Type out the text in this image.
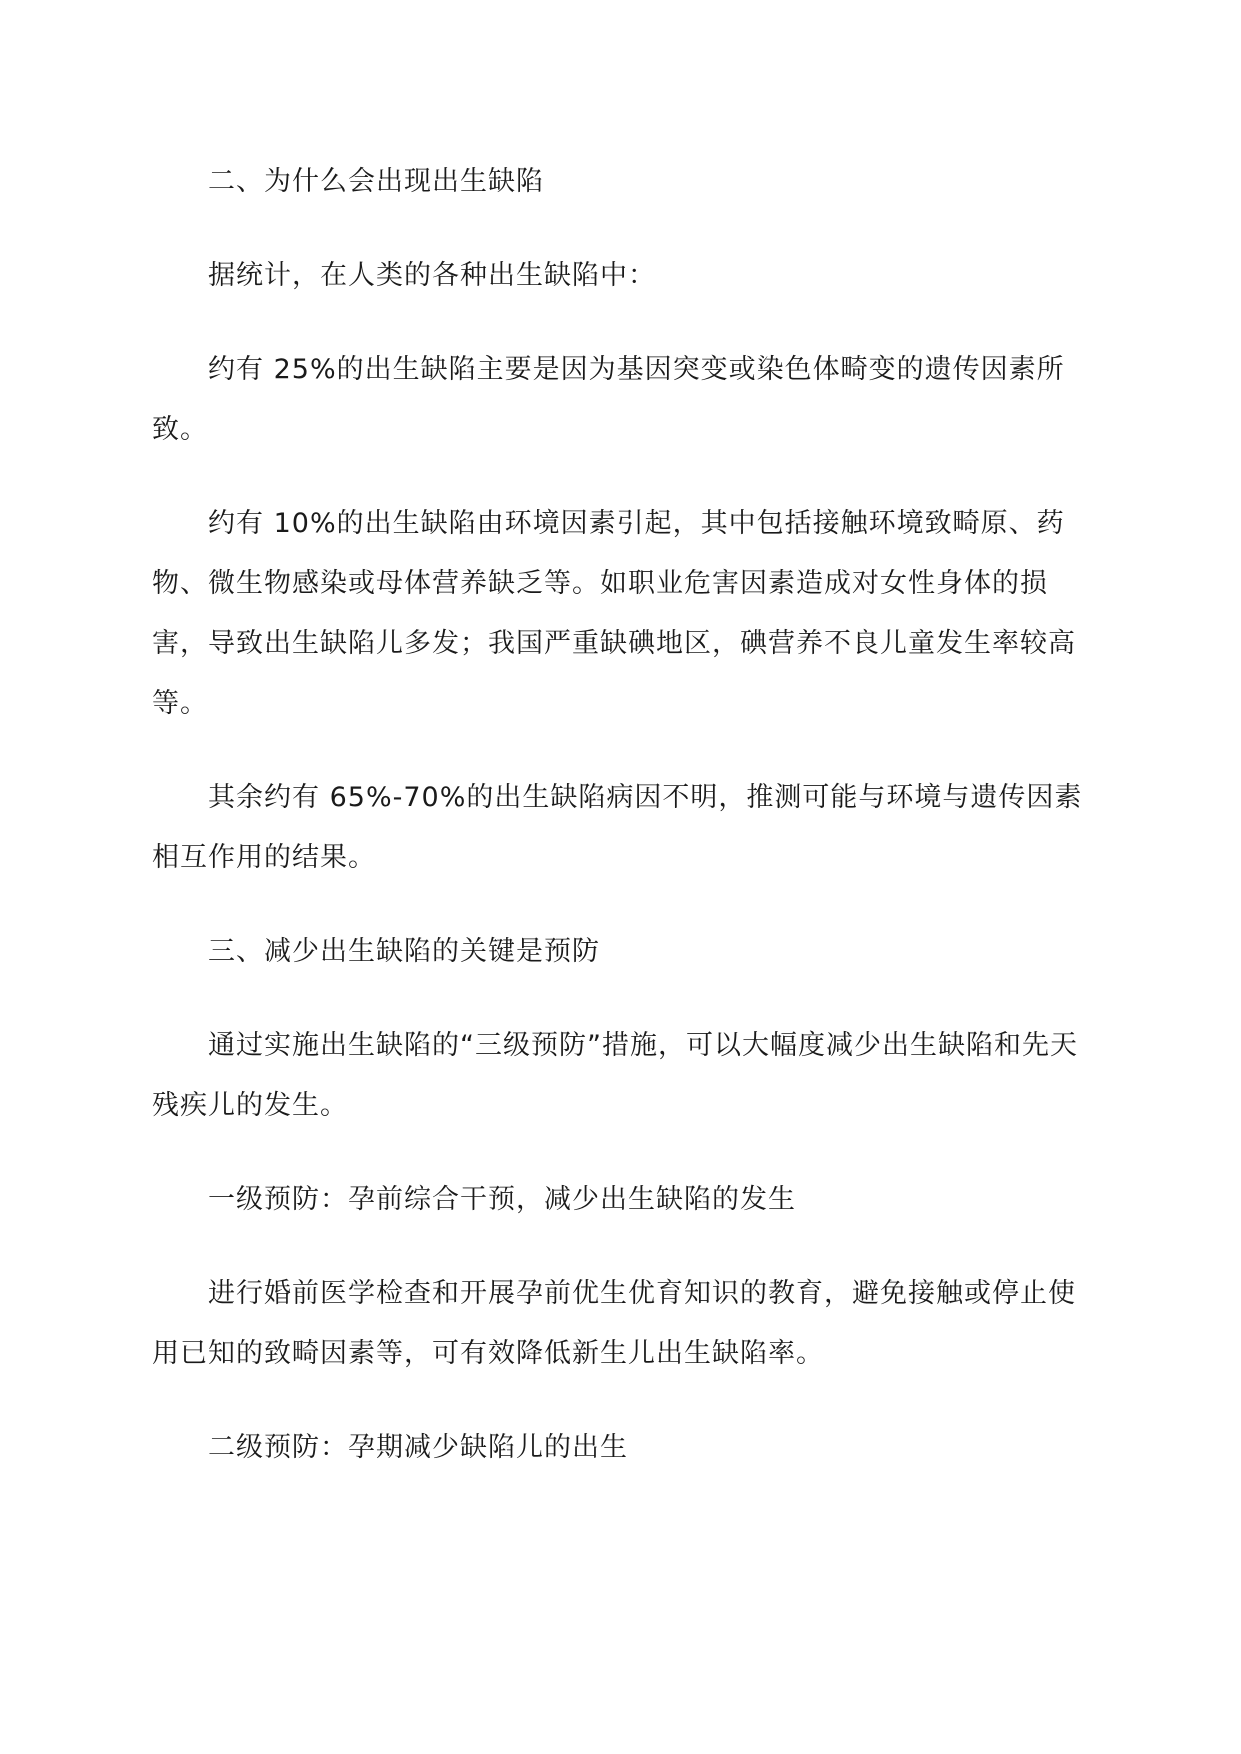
二、为什么会出现出生缺陷

据统计，在人类的各种出生缺陷中：

约有 25%的出生缺陷主要是因为基因突变或染色体畸变的遗传因素所致。

约有 10%的出生缺陷由环境因素引起，其中包括接触环境致畸原、药物、微生物感染或母体营养缺乏等。如职业危害因素造成对女性身体的损害，导致出生缺陷儿多发；我国严重缺碘地区，碘营养不良儿童发生率较高等。

其余约有 65%-70%的出生缺陷病因不明，推测可能与环境与遗传因素相互作用的结果。

三、减少出生缺陷的关键是预防

通过实施出生缺陷的“三级预防”措施，可以大幅度减少出生缺陷和先天残疾儿的发生。

一级预防：孕前综合干预，减少出生缺陷的发生

进行婚前医学检查和开展孕前优生优育知识的教育，避免接触或停止使用已知的致畸因素等，可有效降低新生儿出生缺陷率。

二级预防：孕期减少缺陷儿的出生
